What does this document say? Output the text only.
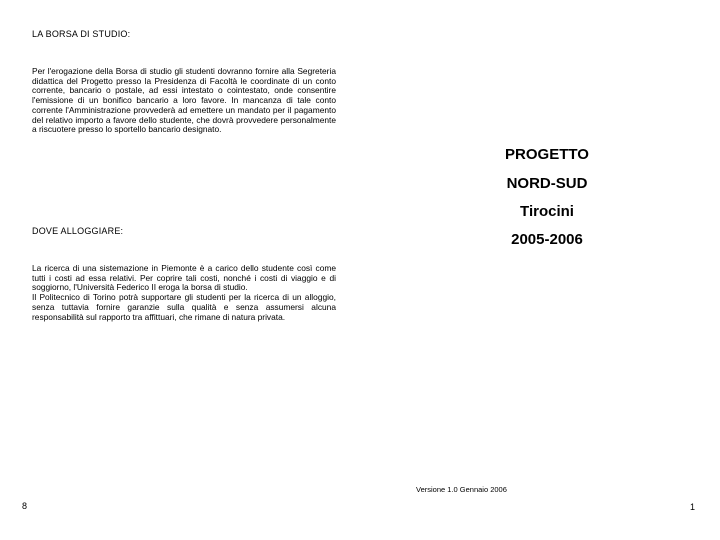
LA BORSA DI STUDIO:
Per l'erogazione della Borsa di studio gli studenti dovranno fornire alla Segreteria didattica del Progetto presso la Presidenza di Facoltà le coordinate di un conto corrente, bancario o postale, ad essi intestato o cointestato, onde consentire l'emissione di un bonifico bancario a loro favore. In mancanza di tale conto corrente l'Amministrazione provvederà ad emettere un mandato per il pagamento del relativo importo a favore dello studente, che dovrà provvedere personalmente a riscuotere presso lo sportello bancario designato.
DOVE ALLOGGIARE:

La ricerca di una sistemazione in Piemonte è a carico dello studente così come tutti i costi ad essa relativi. Per coprire tali costi, nonché i costi di viaggio e di soggiorno, l'Università Federico II eroga la borsa di studio.

Il Politecnico di Torino potrà supportare gli studenti per la ricerca di un alloggio, senza tuttavia fornire garanzie sulla qualità e senza assumersi alcuna responsabilità sul rapporto tra affittuari, che rimane di natura privata.

8
PROGETTO
NORD-SUD
Tirocini
2005-2006
Versione 1.0 Gennaio 2006
1
